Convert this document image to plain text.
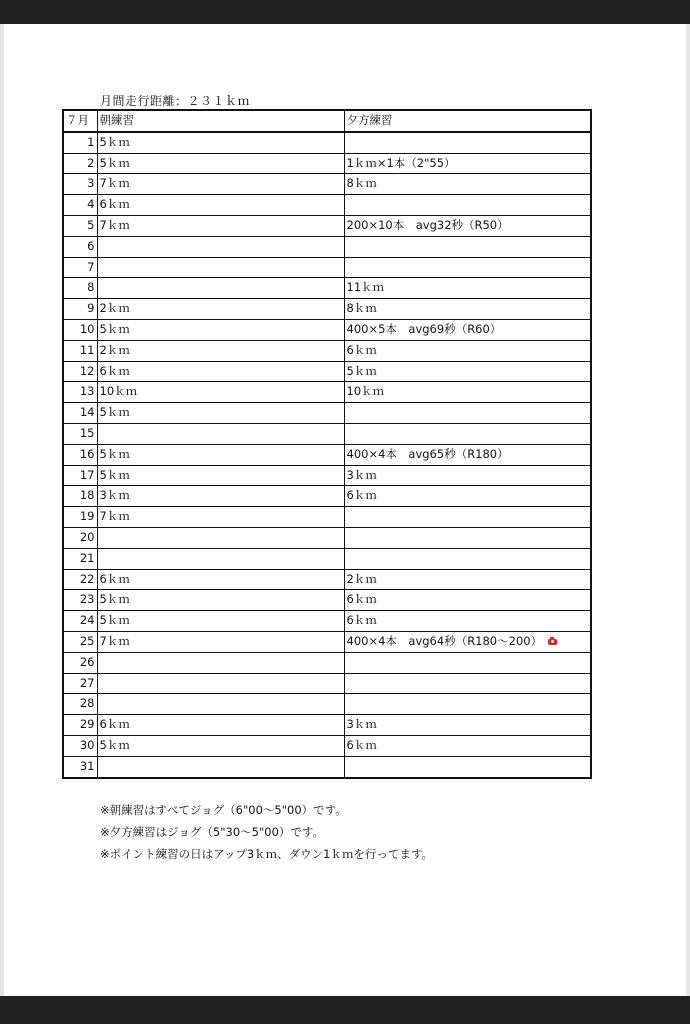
月間走行距離：２３１ｋｍ
７月	朝練習	夕方練習
1	5ｋｍ	
2	5ｋｍ	1ｋｍ×1本（2"55）
3	7ｋｍ	8ｋｍ
4	6ｋｍ	
5	7ｋｍ	200×10本　avg32秒（R50）
6		
7		
8		11ｋｍ
9	2ｋｍ	8ｋｍ
10	5ｋｍ	400×5本　avg69秒（R60）
11	2ｋｍ	6ｋｍ
12	6ｋｍ	5ｋｍ
13	10ｋｍ	10ｋｍ
14	5ｋｍ	
15		
16	5ｋｍ	400×4本　avg65秒（R180）
17	5ｋｍ	3ｋｍ
18	3ｋｍ	6ｋｍ
19	7ｋｍ	
20		
21		
22	6ｋｍ	2ｋｍ
23	5ｋｍ	6ｋｍ
24	5ｋｍ	6ｋｍ
25	7ｋｍ	400×4本　avg64秒（R180～200）
26		
27		
28		
29	6ｋｍ	3ｋｍ
30	5ｋｍ	6ｋｍ
31		
※朝練習はすべてジョグ（6"00～5"00）です。
※夕方練習はジョグ（5"30～5"00）です。
※ポイント練習の日はアップ3ｋｍ、ダウン1ｋｍを行ってます。
